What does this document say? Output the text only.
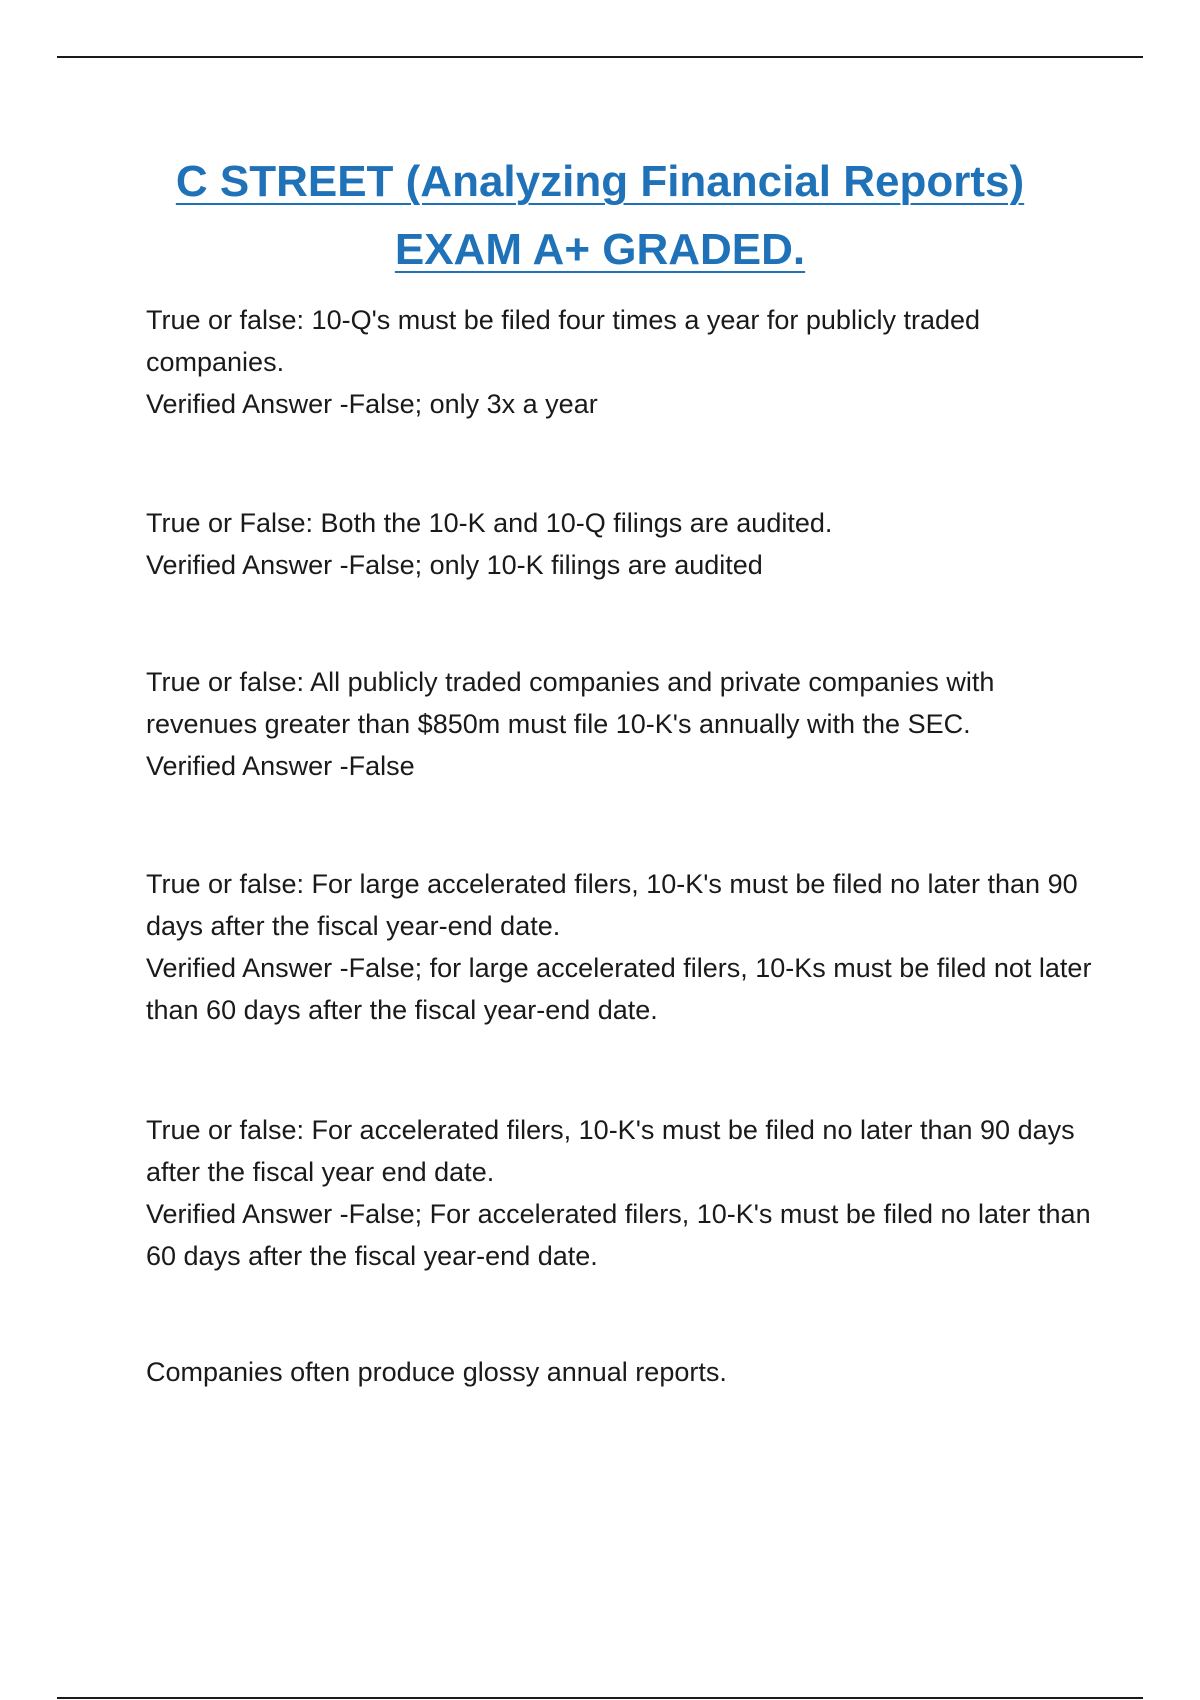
C STREET (Analyzing Financial Reports)
EXAM A+ GRADED.

True or false: 10-Q's must be filed four times a year for publicly traded companies.

Verified Answer -False; only 3x a year

True or False: Both the 10-K and 10-Q filings are audited.

Verified Answer -False; only 10-K filings are audited

True or false: All publicly traded companies and private companies with revenues greater than $850m must file 10-K's annually with the SEC.

Verified Answer -False

True or false: For large accelerated filers, 10-K's must be filed no later than 90 days after the fiscal year-end date.

Verified Answer -False; for large accelerated filers, 10-Ks must be filed not later than 60 days after the fiscal year-end date.

True or false: For accelerated filers, 10-K's must be filed no later than 90 days after the fiscal year end date.

Verified Answer -False; For accelerated filers, 10-K's must be filed no later than 60 days after the fiscal year-end date.

Companies often produce glossy annual reports.
